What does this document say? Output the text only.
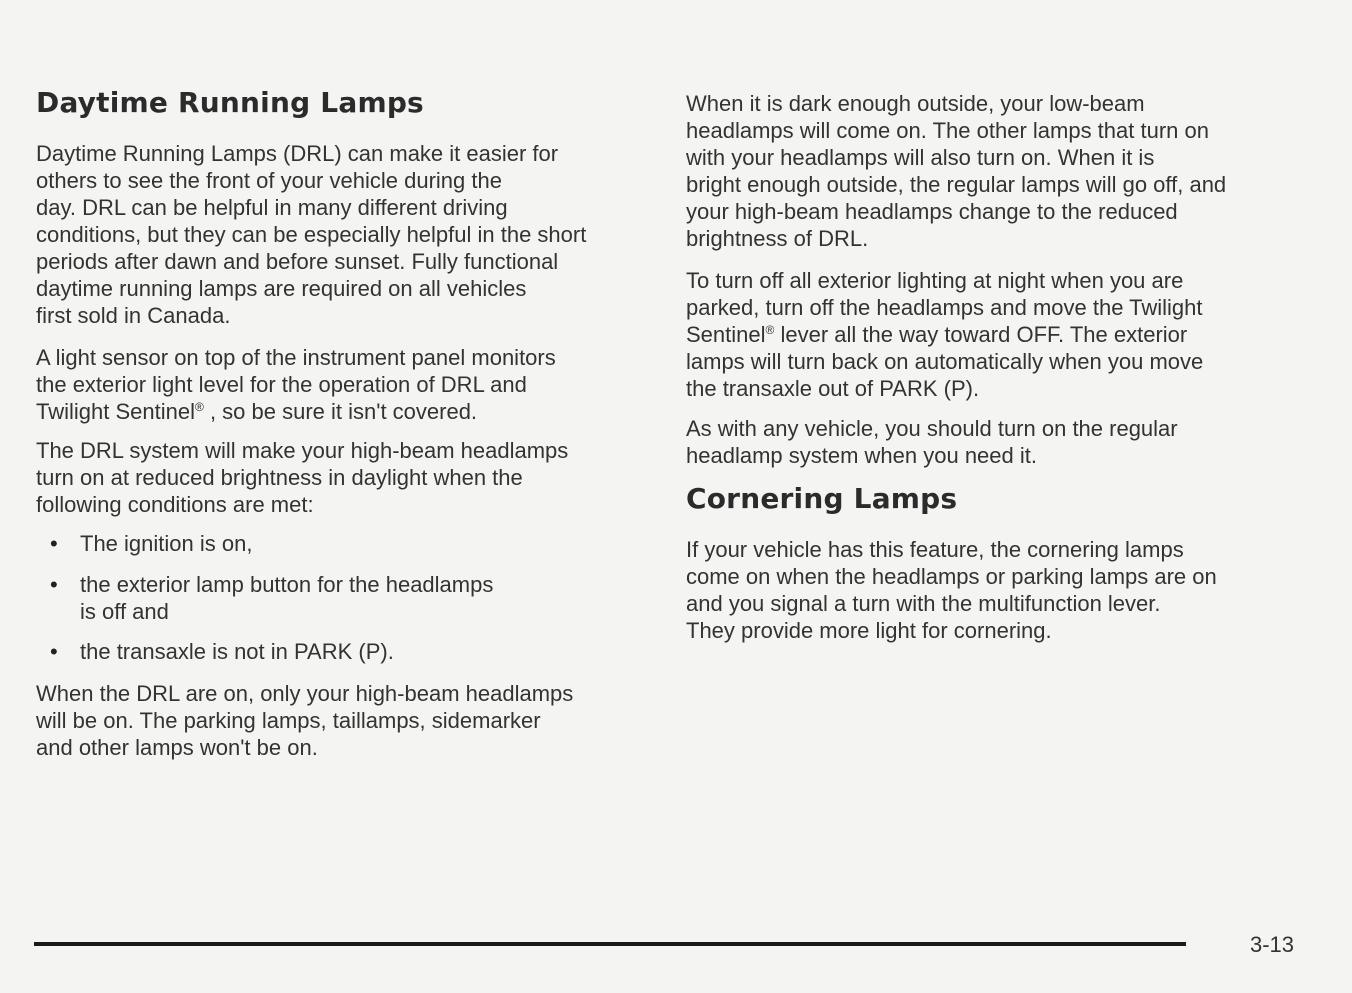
Daytime Running Lamps
Daytime Running Lamps (DRL) can make it easier for
others to see the front of your vehicle during the
day. DRL can be helpful in many different driving
conditions, but they can be especially helpful in the short
periods after dawn and before sunset. Fully functional
daytime running lamps are required on all vehicles
first sold in Canada.
A light sensor on top of the instrument panel monitors
the exterior light level for the operation of DRL and
Twilight Sentinel® , so be sure it isn't covered.
The DRL system will make your high-beam headlamps
turn on at reduced brightness in daylight when the
following conditions are met:
• The ignition is on,
• the exterior lamp button for the headlamps
is off and
• the transaxle is not in PARK (P).
When the DRL are on, only your high-beam headlamps
will be on. The parking lamps, taillamps, sidemarker
and other lamps won't be on.
When it is dark enough outside, your low-beam
headlamps will come on. The other lamps that turn on
with your headlamps will also turn on. When it is
bright enough outside, the regular lamps will go off, and
your high-beam headlamps change to the reduced
brightness of DRL.
To turn off all exterior lighting at night when you are
parked, turn off the headlamps and move the Twilight
Sentinel® lever all the way toward OFF. The exterior
lamps will turn back on automatically when you move
the transaxle out of PARK (P).
As with any vehicle, you should turn on the regular
headlamp system when you need it.
Cornering Lamps
If your vehicle has this feature, the cornering lamps
come on when the headlamps or parking lamps are on
and you signal a turn with the multifunction lever.
They provide more light for cornering.
3-13
